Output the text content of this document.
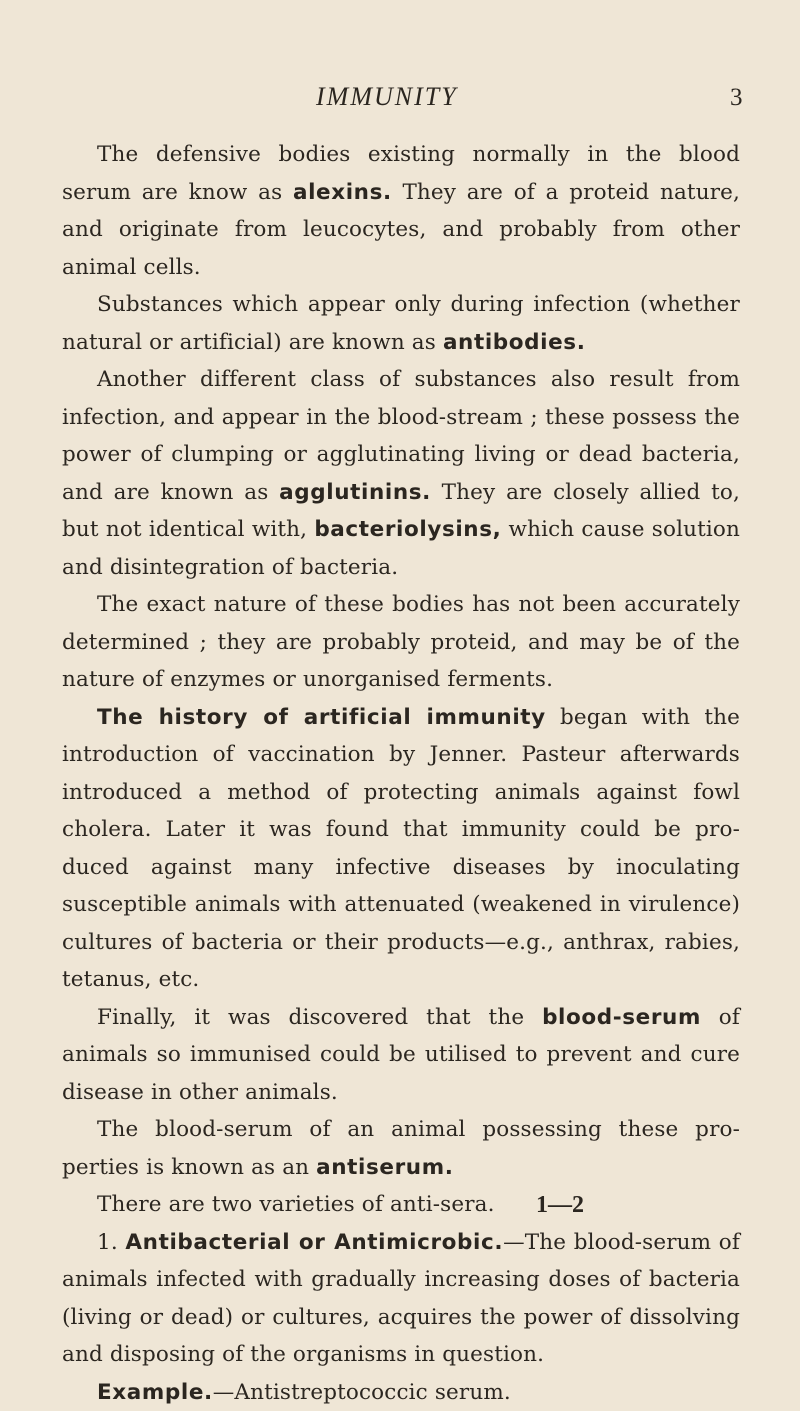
IMMUNITY	3

The defensive bodies existing normally in the blood serum are know as alexins. They are of a proteid nature, and originate from leucocytes, and probably from other animal cells.

Substances which appear only during infection (whether natural or artificial) are known as antibodies.

Another different class of substances also result from infection, and appear in the blood-stream ; these possess the power of clumping or agglutinating living or dead bacteria, and are known as agglutinins. They are closely allied to, but not identical with, bacteriolysins, which cause solution and disintegration of bacteria.

The exact nature of these bodies has not been accurately determined ; they are probably proteid, and may be of the nature of enzymes or unorganised ferments.

The history of artificial immunity began with the introduction of vaccination by Jenner. Pasteur afterwards introduced a method of protecting animals against fowl cholera. Later it was found that immunity could be pro-duced against many infective diseases by inoculating susceptible animals with attenuated (weakened in virulence) cultures of bacteria or their products—e.g., anthrax, rabies, tetanus, etc.

Finally, it was discovered that the blood-serum of animals so immunised could be utilised to prevent and cure disease in other animals.

The blood-serum of an animal possessing these pro-perties is known as an antiserum.

There are two varieties of anti-sera.

1. Antibacterial or Antimicrobic.—The blood-serum of animals infected with gradually increasing doses of bacteria (living or dead) or cultures, acquires the power of dissolving and disposing of the organisms in question.

Example.—Antistreptococcic serum.

1—2
